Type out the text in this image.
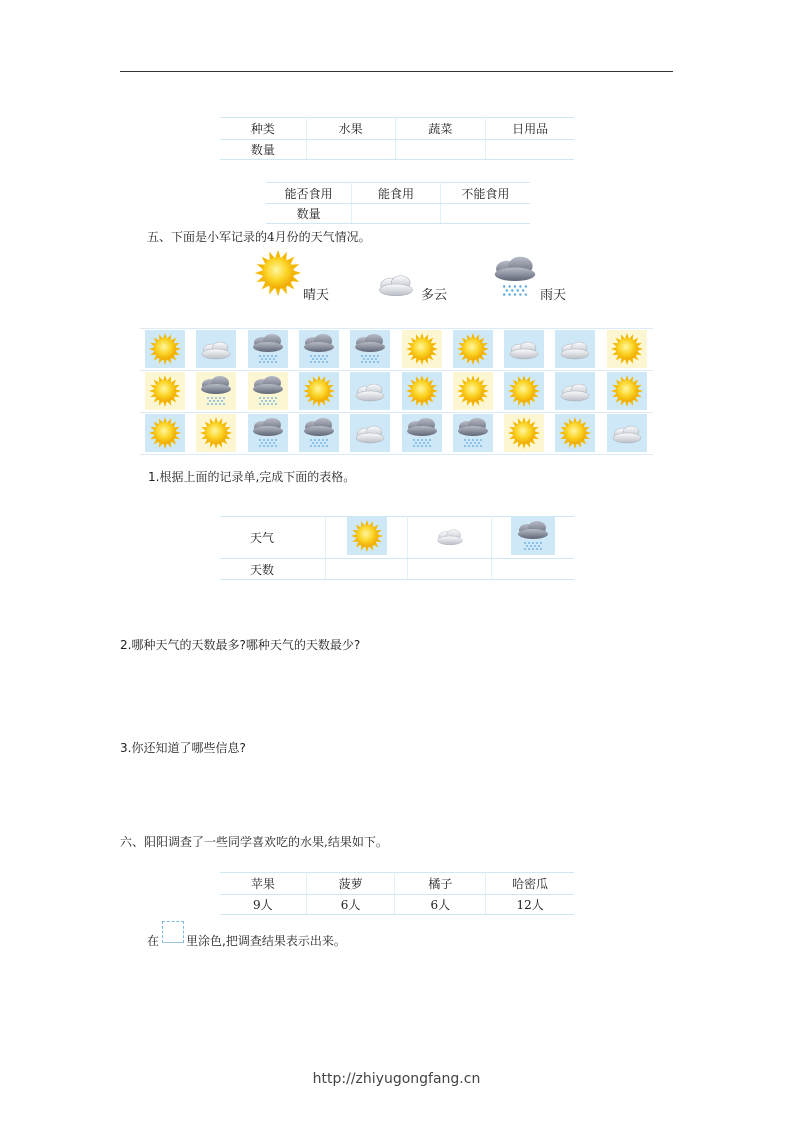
种类	水果	蔬菜	日用品
数量			
能否食用	能食用	不能食用
数量		
五、下面是小军记录的4月份的天气情况。
晴天	多云	雨天
1.根据上面的记录单,完成下面的表格。
天气			
天数			
2.哪种天气的天数最多?哪种天气的天数最少?
3.你还知道了哪些信息?
六、阳阳调查了一些同学喜欢吃的水果,结果如下。
苹果	菠萝	橘子	哈密瓜
9人	6人	6人	12人
在 里涂色,把调查结果表示出来。
http://zhiyugongfang.cn
